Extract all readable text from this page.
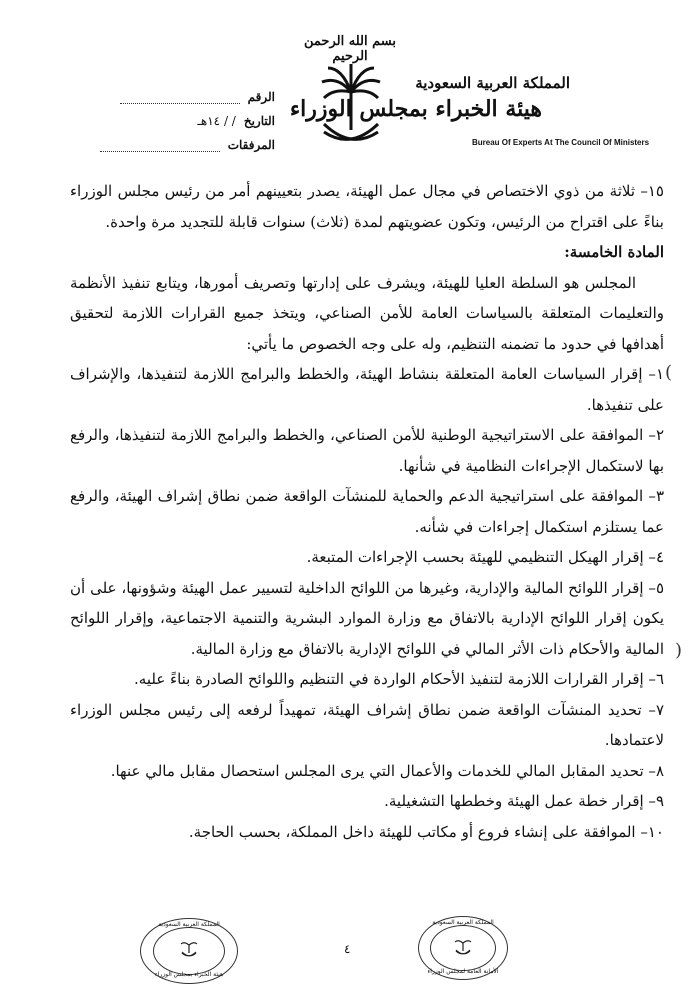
بسم الله الرحمن الرحيم
المملكة العربية السعودية
هيئة الخبراء بمجلس الوزراء
Bureau Of Experts At The Council Of Ministers
الرقم
التاريخ
/ / ١٤هـ
المرفقات

١٥– ثلاثة من ذوي الاختصاص في مجال عمل الهيئة، يصدر بتعيينهم أمر من رئيس مجلس الوزراء بناءً على اقتراح من الرئيس، وتكون عضويتهم لمدة (ثلاث) سنوات قابلة للتجديد مرة واحدة.

المادة الخامسة:

المجلس هو السلطة العليا للهيئة، ويشرف على إدارتها وتصريف أمورها، ويتابع تنفيذ الأنظمة والتعليمات المتعلقة بالسياسات العامة للأمن الصناعي، ويتخذ جميع القرارات اللازمة لتحقيق أهدافها في حدود ما تضمنه التنظيم، وله على وجه الخصوص ما يأتي:

١– إقرار السياسات العامة المتعلقة بنشاط الهيئة، والخطط والبرامج اللازمة لتنفيذها، والإشراف على تنفيذها.

٢– الموافقة على الاستراتيجية الوطنية للأمن الصناعي، والخطط والبرامج اللازمة لتنفيذها، والرفع بها لاستكمال الإجراءات النظامية في شأنها.

٣– الموافقة على استراتيجية الدعم والحماية للمنشآت الواقعة ضمن نطاق إشراف الهيئة، والرفع عما يستلزم استكمال إجراءات في شأنه.

٤– إقرار الهيكل التنظيمي للهيئة بحسب الإجراءات المتبعة.

٥– إقرار اللوائح المالية والإدارية، وغيرها من اللوائح الداخلية لتسيير عمل الهيئة وشؤونها، على أن يكون إقرار اللوائح الإدارية بالاتفاق مع وزارة الموارد البشرية والتنمية الاجتماعية، وإقرار اللوائح المالية والأحكام ذات الأثر المالي في اللوائح الإدارية بالاتفاق مع وزارة المالية.

٦– إقرار القرارات اللازمة لتنفيذ الأحكام الواردة في التنظيم واللوائح الصادرة بناءً عليه.

٧– تحديد المنشآت الواقعة ضمن نطاق إشراف الهيئة، تمهيداً لرفعه إلى رئيس مجلس الوزراء لاعتمادها.

٨– تحديد المقابل المالي للخدمات والأعمال التي يرى المجلس استحصال مقابل مالي عنها.

٩– إقرار خطة عمل الهيئة وخططها التشغيلية.

١٠– الموافقة على إنشاء فروع أو مكاتب للهيئة داخل المملكة، بحسب الحاجة.

(
)
٤
المملكة العربية السعودية
هيئة الخبراء بمجلس الوزراء
المملكة العربية السعودية
الأمانة العامة لمجلس الوزراء
